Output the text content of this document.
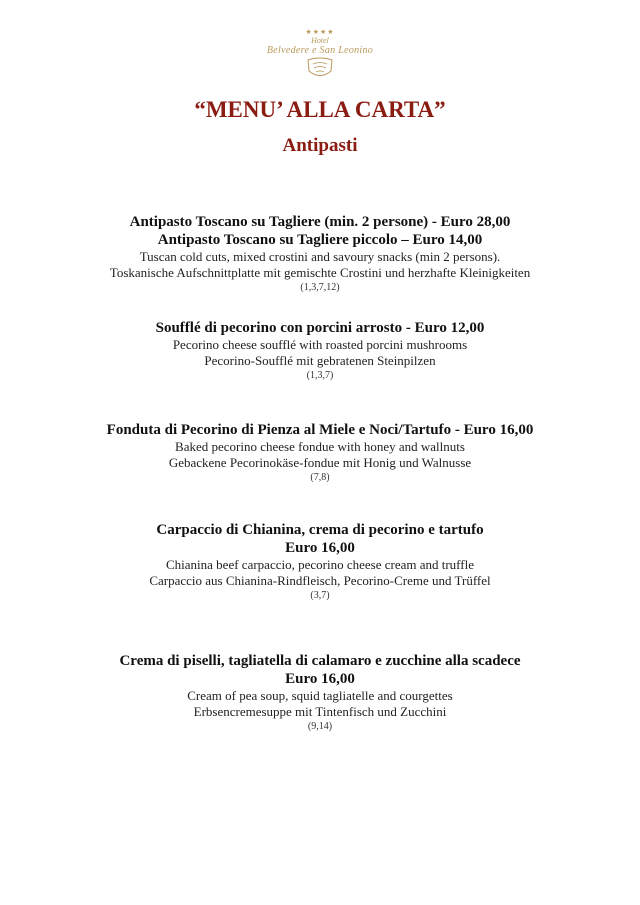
★★★★
Hotel
Belvedere e San Leonino
“MENU’ ALLA CARTA”
Antipasti
Antipasto Toscano su Tagliere (min. 2 persone) - Euro 28,00
Antipasto Toscano su Tagliere piccolo – Euro 14,00
Tuscan cold cuts, mixed crostini and savoury snacks (min 2 persons).
Toskanische Aufschnittplatte mit gemischte Crostini und herzhafte Kleinigkeiten
(1,3,7,12)
Soufflé di pecorino con porcini arrosto - Euro 12,00
Pecorino cheese soufflé with roasted porcini mushrooms
Pecorino-Soufflé mit gebratenen Steinpilzen
(1,3,7)
Fonduta di Pecorino di Pienza al Miele e Noci/Tartufo - Euro 16,00
Baked pecorino cheese fondue with honey and wallnuts
Gebackene Pecorinokäse-fondue mit Honig und Walnusse
(7,8)
Carpaccio di Chianina, crema di pecorino e tartufo
Euro 16,00
Chianina beef carpaccio, pecorino cheese cream and truffle
Carpaccio aus Chianina-Rindfleisch, Pecorino-Creme und Trüffel
(3,7)
Crema di piselli, tagliatella di calamaro e zucchine alla scadece
Euro 16,00
Cream of pea soup, squid tagliatelle and courgettes
Erbsencremesuppe mit Tintenfisch und Zucchini
(9,14)
